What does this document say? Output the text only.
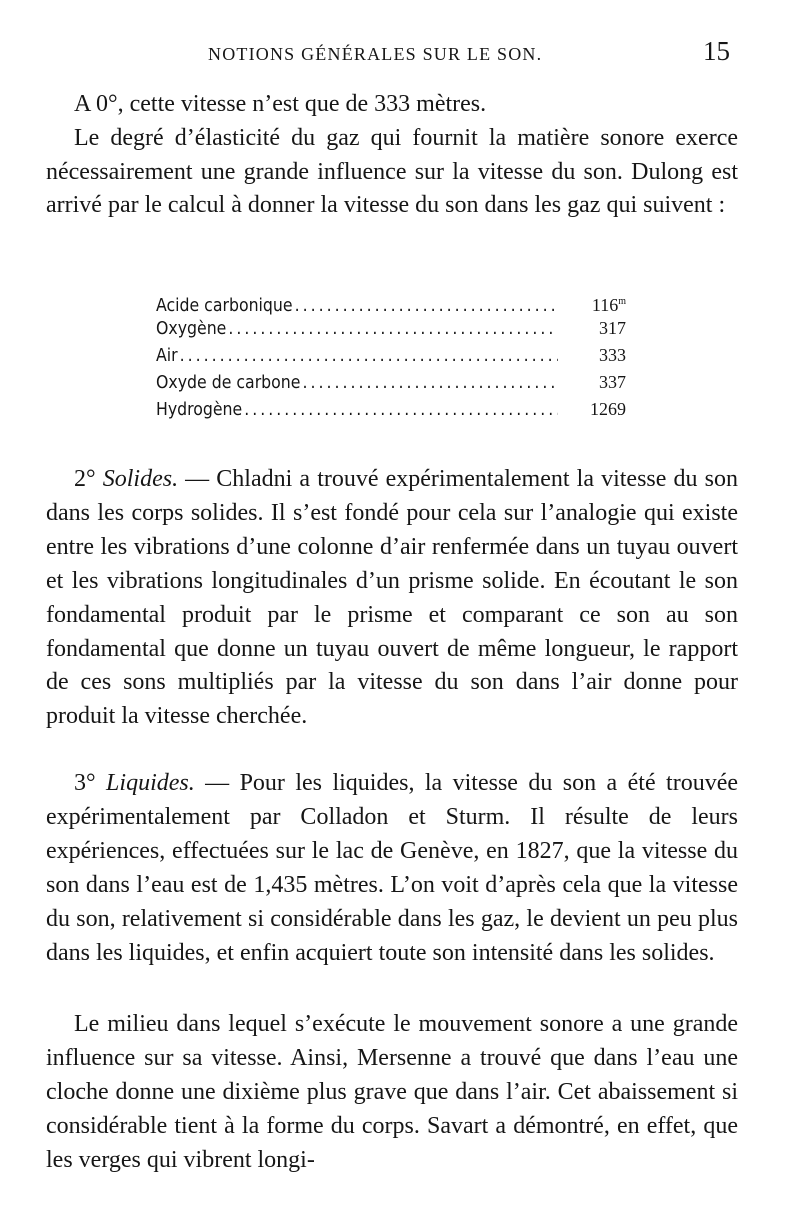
NOTIONS GÉNÉRALES SUR LE SON.	15

A 0°, cette vitesse n’est que de 333 mètres.

Le degré d’élasticité du gaz qui fournit la matière sonore exerce nécessairement une grande influence sur la vitesse du son. Dulong est arrivé par le calcul à donner la vitesse du son dans les gaz qui suivent :

Acide carbonique .....	116$^m$
Oxygène .....	317
Air .....	333
Oxyde de carbone .....	337
Hydrogène .....	1269

2° Solides. — Chladni a trouvé expérimentalement la vitesse du son dans les corps solides. Il s’est fondé pour cela sur l’analogie qui existe entre les vibrations d’une colonne d’air renfermée dans un tuyau ouvert et les vibrations longitudinales d’un prisme solide. En écoutant le son fondamental produit par le prisme et comparant ce son au son fondamental que donne un tuyau ouvert de même longueur, le rapport de ces sons multipliés par la vitesse du son dans l’air donne pour produit la vitesse cherchée.

3° Liquides. — Pour les liquides, la vitesse du son a été trouvée expérimentalement par Colladon et Sturm. Il résulte de leurs expériences, effectuées sur le lac de Genève, en 1827, que la vitesse du son dans l’eau est de 1,435 mètres. L’on voit d’après cela que la vitesse du son, relativement si considérable dans les gaz, le devient un peu plus dans les liquides, et enfin acquiert toute son intensité dans les solides.

Le milieu dans lequel s’exécute le mouvement sonore a une grande influence sur sa vitesse. Ainsi, Mersenne a trouvé que dans l’eau une cloche donne une dixième plus grave que dans l’air. Cet abaissement si considérable tient à la forme du corps. Savart a démontré, en effet, que les verges qui vibrent longi-
